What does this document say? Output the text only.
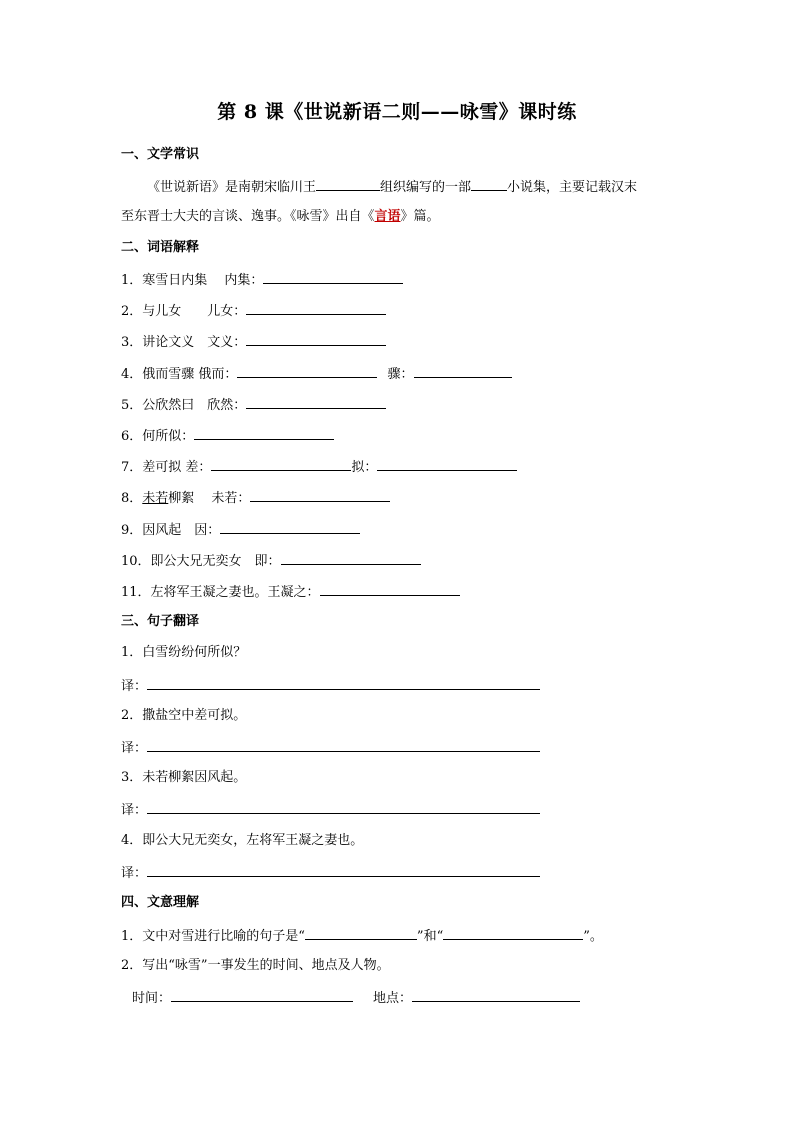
第 8 课《世说新语二则——咏雪》课时练
一、文学常识
《世说新语》是南朝宋临川王	组织编写的一部	小说集，主要记载汉末
至东晋士大夫的言谈、逸事。《咏雪》出自《言语》篇。
二、词语解释
1．寒雪日内集　 内集：
2．与儿女　　儿女：
3．讲论文义　文义：
4．俄而雪骤 俄而：	骤：
5．公欣然曰　欣然：
6．何所似：
7．差可拟 差：	拟：
8．未若柳絮　 未若：
9．因风起　因：
10．即公大兄无奕女　即：
11．左将军王凝之妻也。王凝之：
三、句子翻译
1．白雪纷纷何所似？
译：
2．撒盐空中差可拟。
译：
3．未若柳絮因风起。
译：
4．即公大兄无奕女，左将军王凝之妻也。
译：
四、文意理解
1．文中对雪进行比喻的句子是“	”和“	”。
2．写出“咏雪”一事发生的时间、地点及人物。
时间：	地点：
